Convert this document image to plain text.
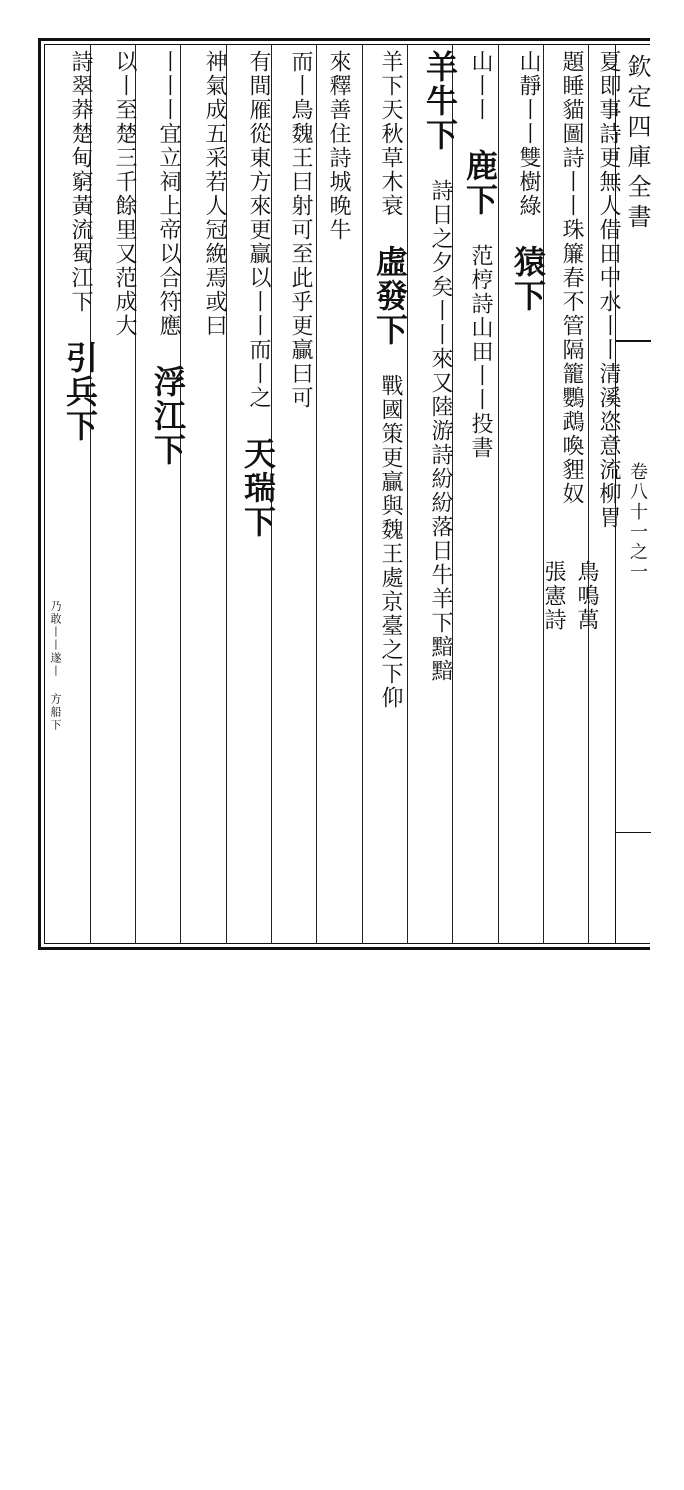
欽定四庫全書
卷八十一之一
夏即事詩更無人借田中水丨丨清溪恣意流柳胃
題睡貓圖詩丨丨珠簾春不管隔籠鸚鵡喚貍奴
山靜丨丨雙樹綠 猿下
張憲詩 鳥鳴萬
山丨丨 鹿下 范梈詩山田丨丨投書
羊牛下 詩日之夕矣丨丨來又陸游詩紛紛落日牛羊下黯黯
羊下天秋草木衰 虛發下 戰國策更贏與魏王處京臺之下仰
來釋善住詩城晚牛
而丨鳥魏王曰射可至此乎更贏曰可
有間雁從東方來更贏以丨丨而丨之 天瑞下
神氣成五采若人冠絻焉或曰
丨丨丨宜立祠上帝以合符應 浮江下
以丨至楚三千餘里又范成大
詩翠莽楚甸窮黃流蜀江下 引兵下
乃敢丨丨遂丨 方船下
